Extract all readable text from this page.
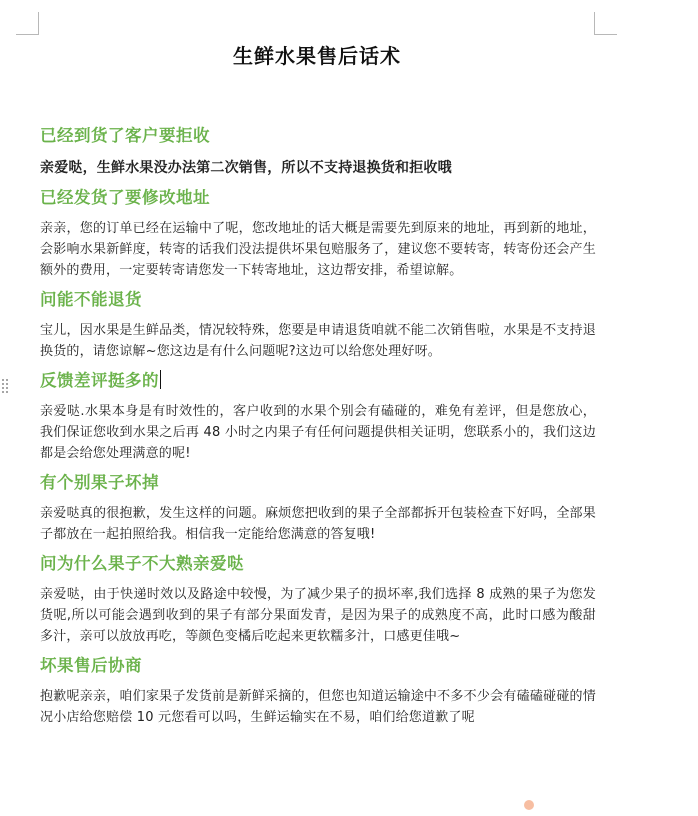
生鲜水果售后话术
已经到货了客户要拒收
亲爱哒，生鲜水果没办法第二次销售，所以不支持退换货和拒收哦
已经发货了要修改地址
亲亲，您的订单已经在运输中了呢，您改地址的话大概是需要先到原来的地址，再到新的地址，会影响水果新鲜度，转寄的话我们没法提供坏果包赔服务了，建议您不要转寄，转寄份还会产生额外的费用，一定要转寄请您发一下转寄地址，这边帮安排，希望谅解。
问能不能退货
宝儿，因水果是生鲜品类，情况较特殊，您要是申请退货咱就不能二次销售啦，水果是不支持退换货的，请您谅解~您这边是有什么问题呢?这边可以给您处理好呀。
反馈差评挺多的
亲爱哒.水果本身是有时效性的，客户收到的水果个别会有磕碰的，难免有差评，但是您放心，我们保证您收到水果之后再 48 小时之内果子有任何问题提供相关证明，您联系小的，我们这边都是会给您处理满意的呢!
有个别果子坏掉
亲爱哒真的很抱歉，发生这样的问题。麻烦您把收到的果子全部都拆开包装检查下好吗，全部果子都放在一起拍照给我。相信我一定能给您满意的答复哦!
问为什么果子不大熟亲爱哒
亲爱哒，由于快递时效以及路途中较慢，为了减少果子的损坏率,我们选择 8 成熟的果子为您发货呢,所以可能会遇到收到的果子有部分果面发青，是因为果子的成熟度不高，此时口感为酸甜多汁，亲可以放放再吃，等颜色变橘后吃起来更软糯多汁，口感更佳哦~
坏果售后协商
抱歉呢亲亲，咱们家果子发货前是新鲜采摘的，但您也知道运输途中不多不少会有磕磕碰碰的情况小店给您赔偿 10 元您看可以吗，生鲜运输实在不易，咱们给您道歉了呢
